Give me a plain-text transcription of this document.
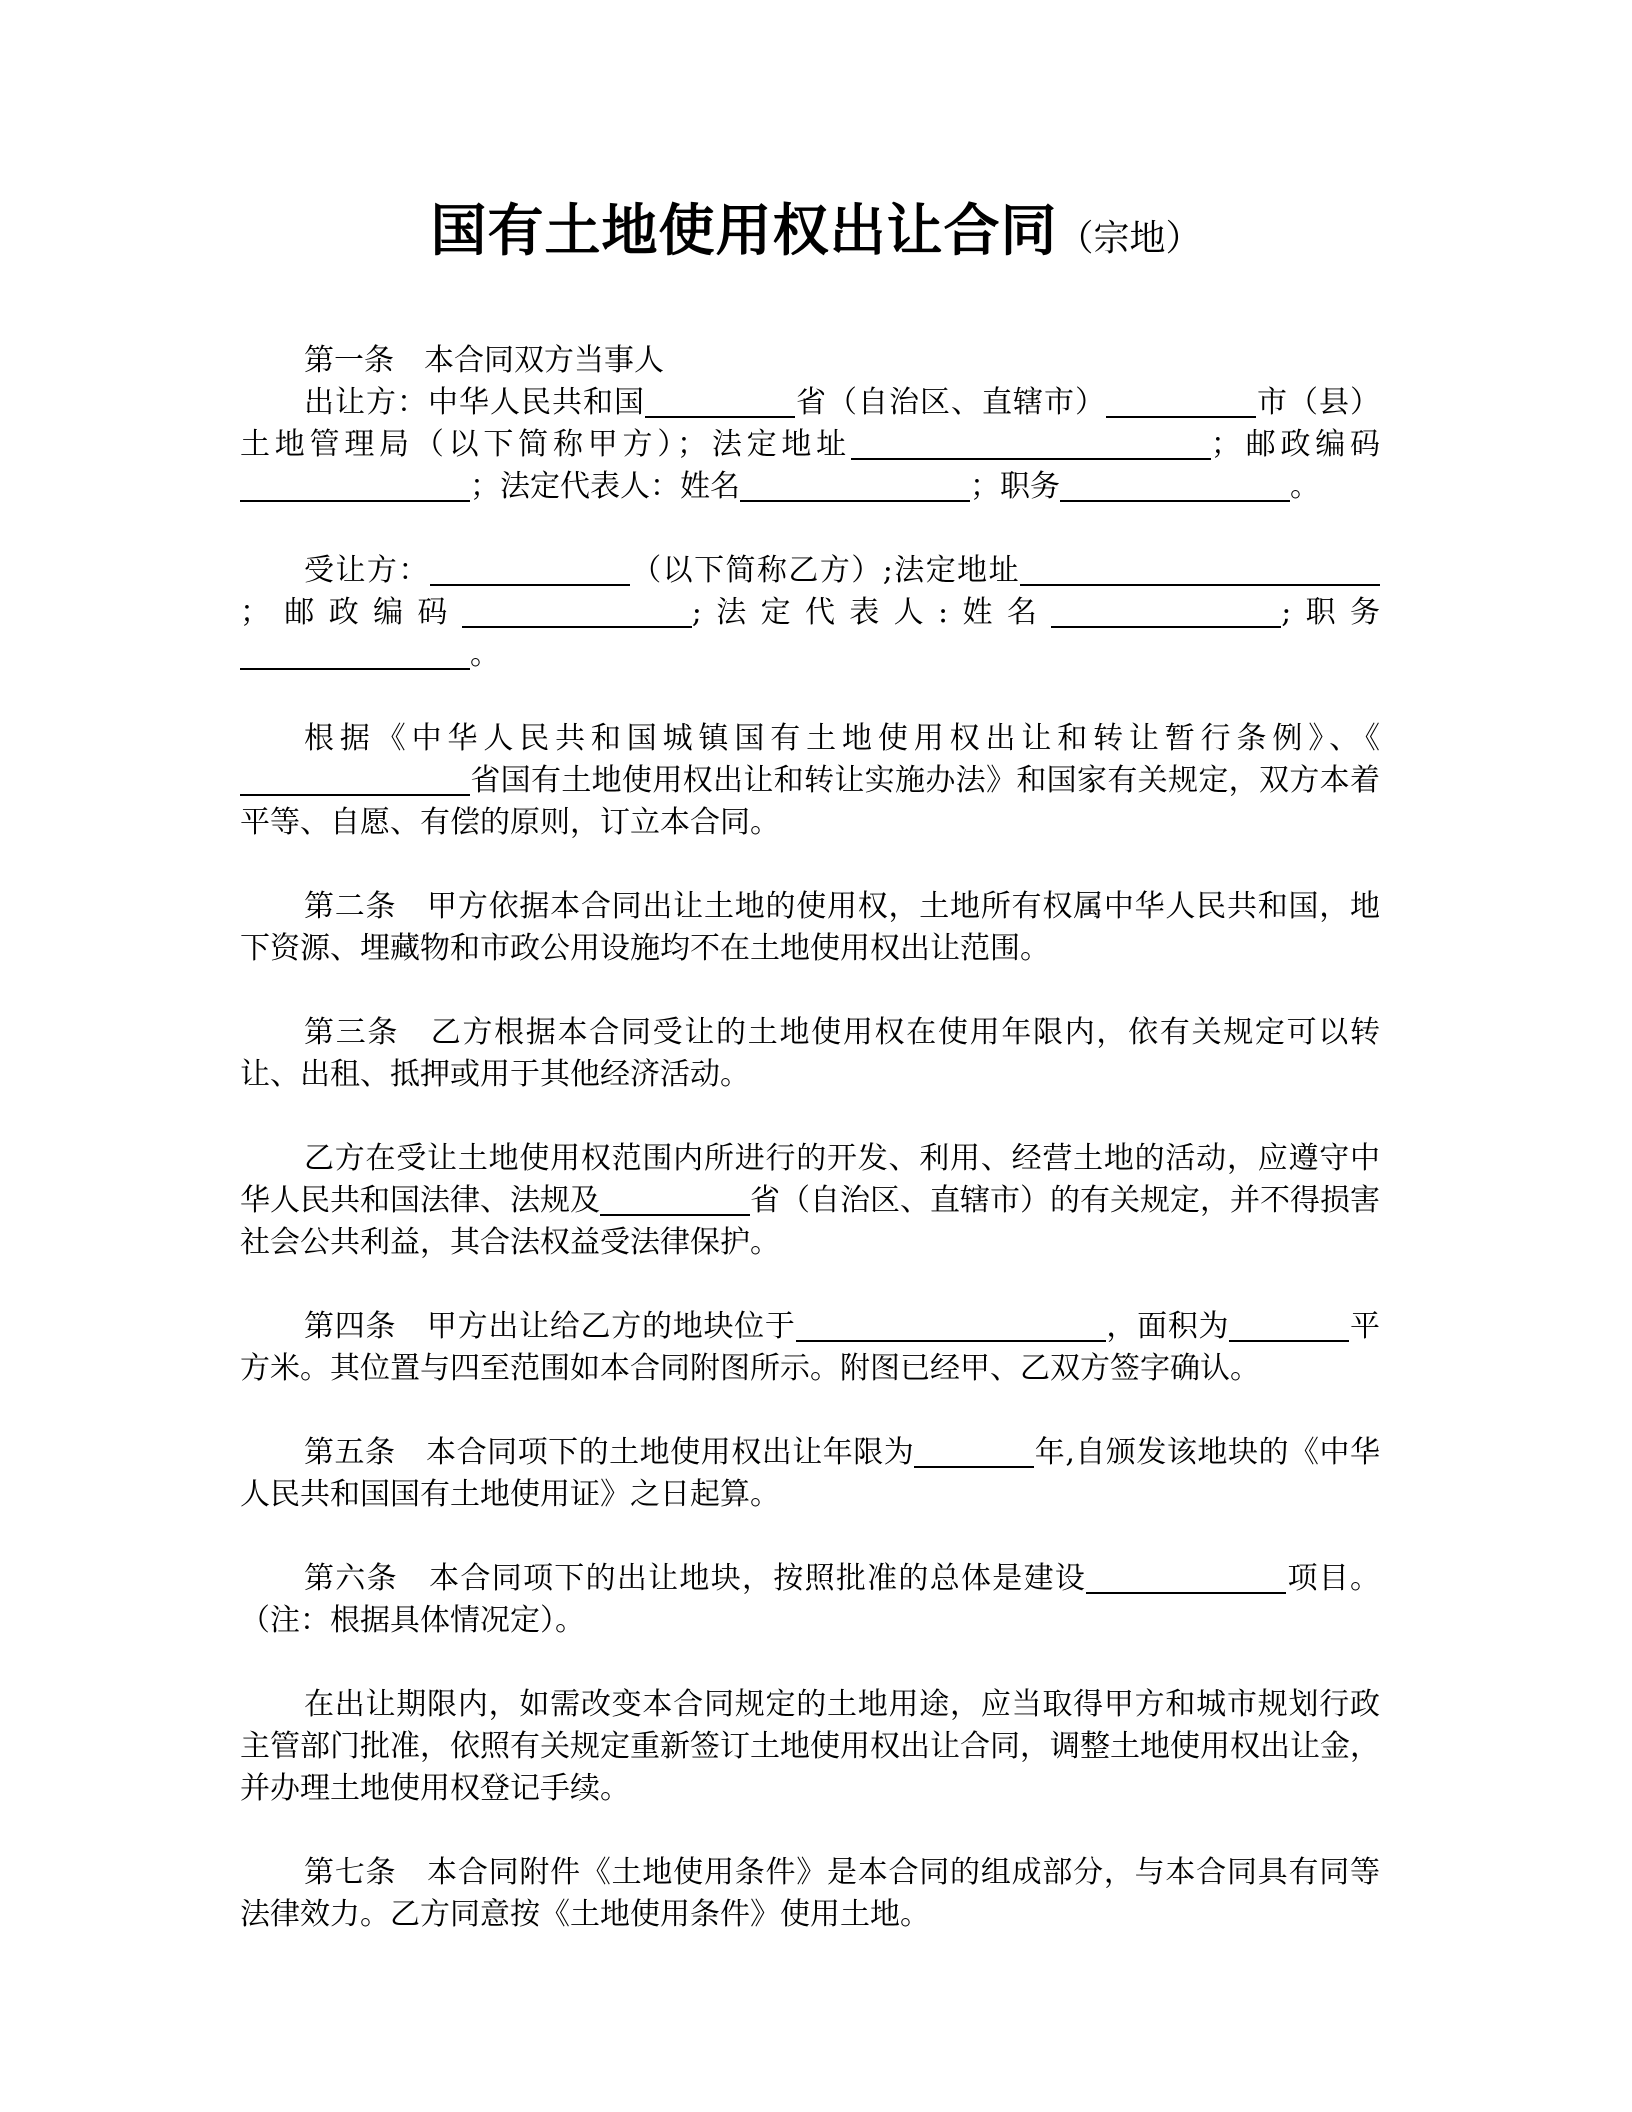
国有土地使用权出让合同（宗地）

第一条　本合同双方当事人

出让方：中华人民共和国	省（自治区、直辖市）	市（县）土地管理局（以下简称甲方）；法定地址	；邮政编码；法定代表人：姓名	；职务	。

受让方：	（以下简称乙方）;法定地址；邮政编码	;法定代表人:姓名	;职务。

根据《中华人民共和国城镇国有土地使用权出让和转让暂行条例》、《省国有土地使用权出让和转让实施办法》和国家有关规定，双方本着平等、自愿、有偿的原则，订立本合同。

第二条　甲方依据本合同出让土地的使用权，土地所有权属中华人民共和国，地下资源、埋藏物和市政公用设施均不在土地使用权出让范围。

第三条　乙方根据本合同受让的土地使用权在使用年限内，依有关规定可以转让、出租、抵押或用于其他经济活动。

乙方在受让土地使用权范围内所进行的开发、利用、经营土地的活动，应遵守中华人民共和国法律、法规及	省（自治区、直辖市）的有关规定，并不得损害社会公共利益，其合法权益受法律保护。

第四条　甲方出让给乙方的地块位于	，面积为	平方米。其位置与四至范围如本合同附图所示。附图已经甲、乙双方签字确认。

第五条　本合同项下的土地使用权出让年限为	年,自颁发该地块的《中华人民共和国国有土地使用证》之日起算。

第六条　本合同项下的出让地块，按照批准的总体是建设	项目。（注：根据具体情况定）。

在出让期限内，如需改变本合同规定的土地用途，应当取得甲方和城市规划行政主管部门批准，依照有关规定重新签订土地使用权出让合同，调整土地使用权出让金，并办理土地使用权登记手续。

第七条　本合同附件《土地使用条件》是本合同的组成部分，与本合同具有同等法律效力。乙方同意按《土地使用条件》使用土地。
